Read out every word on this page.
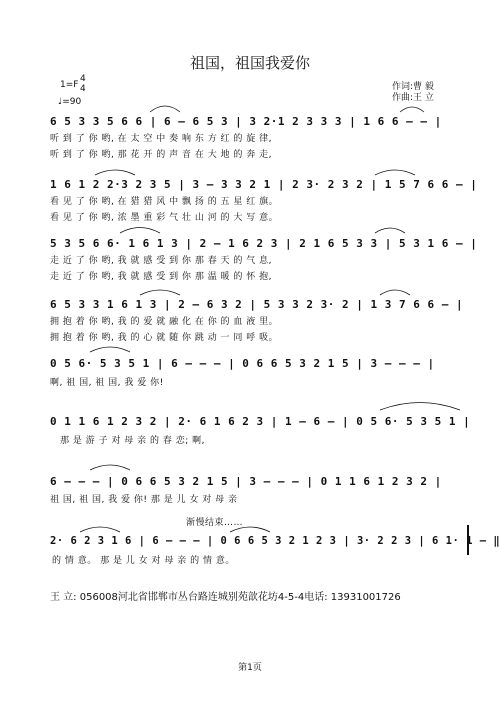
祖国，祖国我爱你
1=F
4
4
♩=90
作词:曹 毅
作曲:王 立
6 5 3 3 5 6 6 | 6 – 6 5 3 | 3 2·1 2 3 3 3 | 1 6 6 – – |
听 到 了 你 哟, 在 太 空 中 奏 响 东 方 红 的 旋 律,
听 到 了 你 哟, 那 花 开 的 声 音 在 大 地 的 奔 走,
1 6 1 2 2·3 2 3 5 | 3 – 3 3 2 1 | 2 3· 2 3 2 | 1 5 7 6 6 – |
看 见 了 你 哟, 在 猎 猎 风 中 飘 扬 的 五 星 红 旗。
看 见 了 你 哟, 浓 墨 重 彩 气 壮 山 河 的 大 写 意。
5 3 5 6 6· 1 6 1 3 | 2 – 1 6 2 3 | 2 1 6 5 3 3 | 5 3 1 6 – |
走 近 了 你 哟, 我 就 感 受 到 你 那 春 天 的 气 息,
走 近 了 你 哟, 我 就 感 受 到 你 那 温 暖 的 怀 抱,
6 5 3 3 1 6 1 3 | 2 – 6 3 2 | 5 3 3 2 3· 2 | 1 3 7 6 6 – |
拥 抱 着 你 哟, 我 的 爱 就 融 化 在 你 的 血 液 里。
拥 抱 着 你 哟, 我 的 心 就 随 你 跳 动 一 同 呼 吸。
0 5 6· 5 3 5 1 | 6 – – – | 0 6 6 5 3 2 1 5 | 3 – – – |
啊, 祖 国, 祖 国, 我 爱 你!
0 1 1 6 1 2 3 2 | 2· 6 1 6 2 3 | 1 – 6 – | 0 5 6· 5 3 5 1 |
那 是 游 子 对 母 亲 的 春 恋; 啊,
6 – – – | 0 6 6 5 3 2 1 5 | 3 – – – | 0 1 1 6 1 2 3 2 |
祖 国, 祖 国, 我 爱 你! 那 是 儿 女 对 母 亲
渐慢结束……
2· 6 2 3 1 6 | 6 – – – | 0 6 6 5 3 2 1 2 3 | 3· 2 2 3 | 6 1· 1 – ‖
的 情 意。 那 是 儿 女 对 母 亲 的 情 意。
王 立: 056008河北省邯郸市丛台路连城别苑歆花坊4-5-4电话: 13931001726
第1页
